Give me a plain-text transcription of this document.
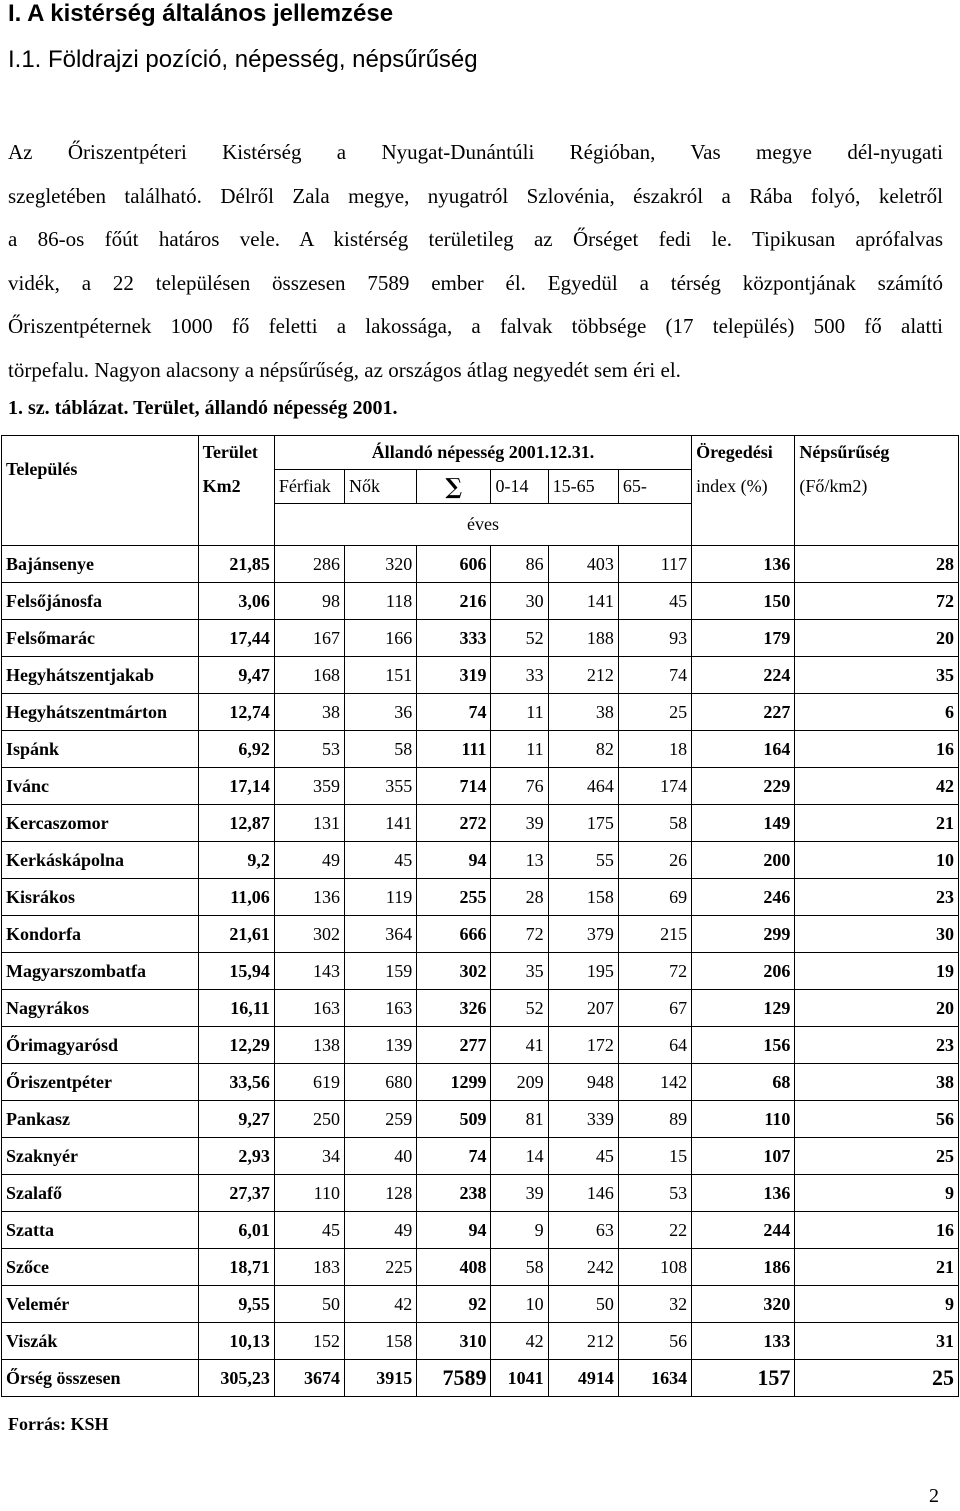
I. A kistérség általános jellemzése
I.1. Földrajzi pozíció, népesség, népsűrűség
Az Őriszentpéteri Kistérség a Nyugat-Dunántúli Régióban, Vas megye dél-nyugati
szegletében található. Délről Zala megye, nyugatról Szlovénia, északról a Rába folyó, keletről
a 86-os főút határos vele. A kistérség területileg az Őrséget fedi le. Tipikusan aprófalvas
vidék, a 22 településen összesen 7589 ember él. Egyedül a térség központjának számító
Őriszentpéternek 1000 fő feletti a lakossága, a falvak többsége (17 település) 500 fő alatti
törpefalu. Nagyon alacsony a népsűrűség, az országos átlag negyedét sem éri el.
1. sz. táblázat. Terület, állandó népesség 2001.
Település	Terület	Állandó népesség 2001.12.31.						Öregedési	Népsűrűség
	Km2	Férfiak	Nők	∑	0-14	15-65	65-	index (%)	(Fő/km2)
		éves							
Bajánsenye	21,85	286	320	606	86	403	117	136	28
Felsőjánosfa	3,06	98	118	216	30	141	45	150	72
Felsőmarác	17,44	167	166	333	52	188	93	179	20
Hegyhátszentjakab	9,47	168	151	319	33	212	74	224	35
Hegyhátszentmárton	12,74	38	36	74	11	38	25	227	6
Ispánk	6,92	53	58	111	11	82	18	164	16
Ivánc	17,14	359	355	714	76	464	174	229	42
Kercaszomor	12,87	131	141	272	39	175	58	149	21
Kerkáskápolna	9,2	49	45	94	13	55	26	200	10
Kisrákos	11,06	136	119	255	28	158	69	246	23
Kondorfa	21,61	302	364	666	72	379	215	299	30
Magyarszombatfa	15,94	143	159	302	35	195	72	206	19
Nagyrákos	16,11	163	163	326	52	207	67	129	20
Őrimagyarósd	12,29	138	139	277	41	172	64	156	23
Őriszentpéter	33,56	619	680	1299	209	948	142	68	38
Pankasz	9,27	250	259	509	81	339	89	110	56
Szaknyér	2,93	34	40	74	14	45	15	107	25
Szalafő	27,37	110	128	238	39	146	53	136	9
Szatta	6,01	45	49	94	9	63	22	244	16
Szőce	18,71	183	225	408	58	242	108	186	21
Velemér	9,55	50	42	92	10	50	32	320	9
Viszák	10,13	152	158	310	42	212	56	133	31
Őrség összesen	305,23	3674	3915	7589	1041	4914	1634	157	25
Forrás: KSH
2
